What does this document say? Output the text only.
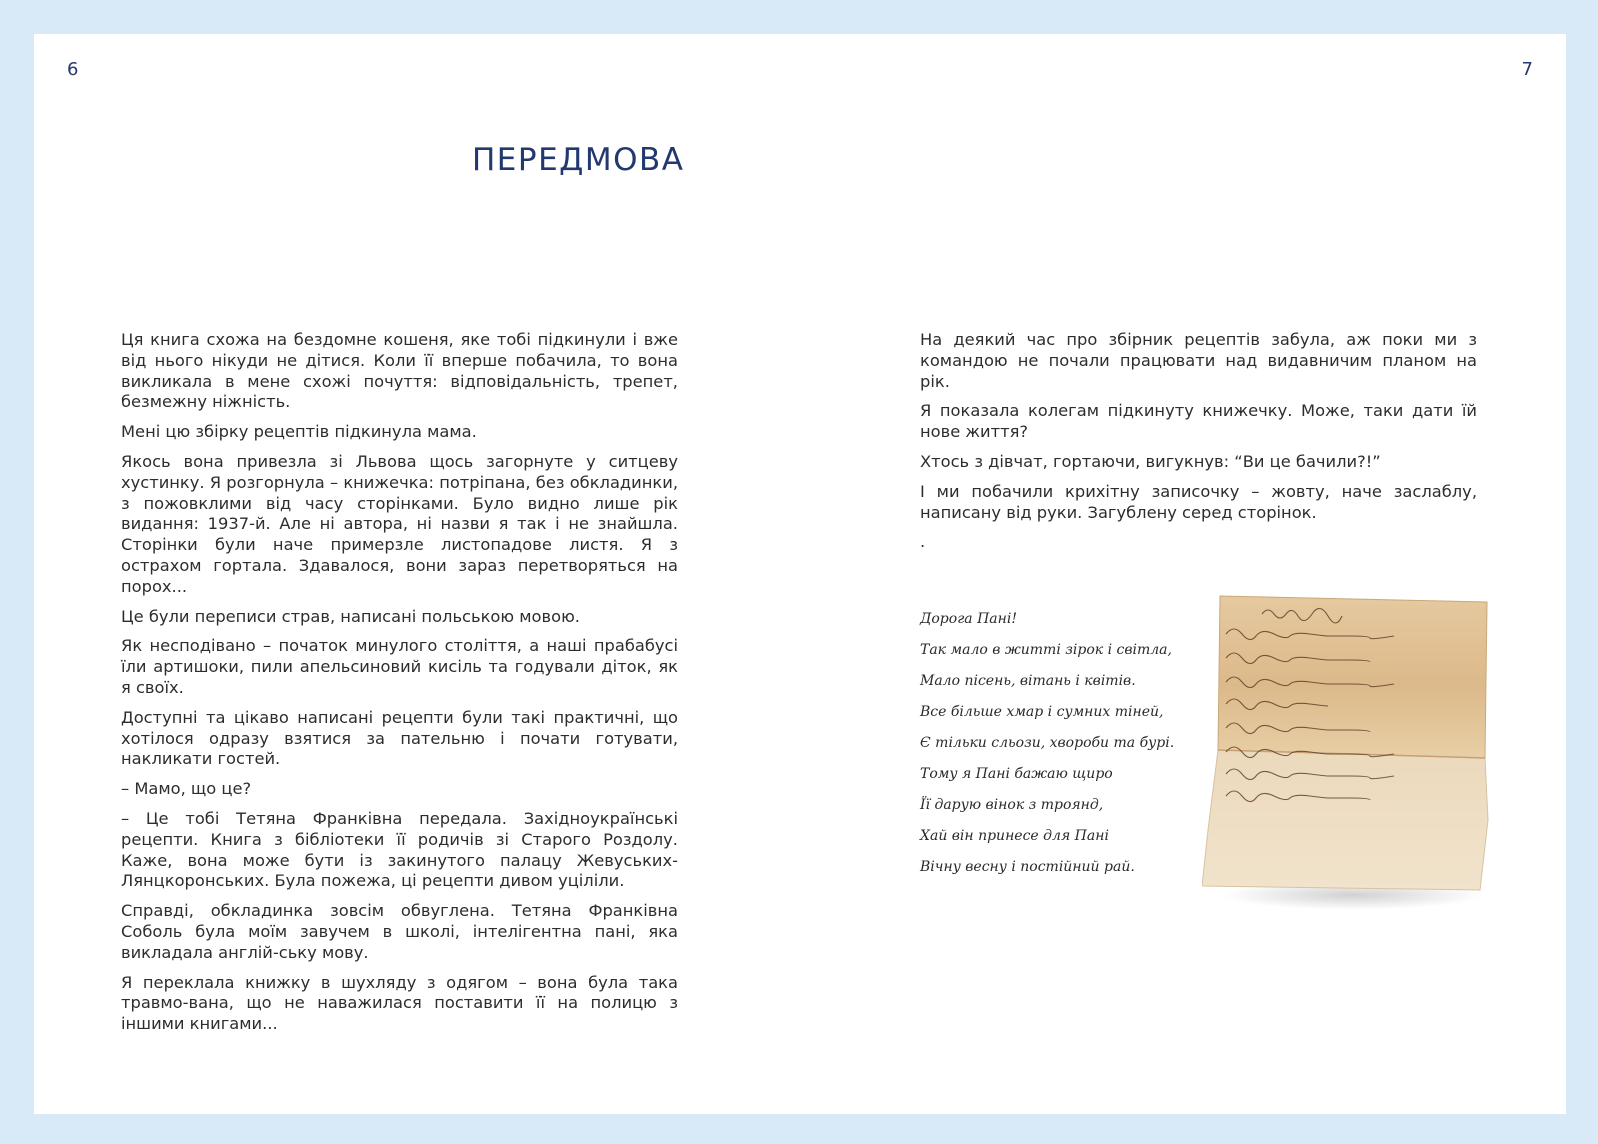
6	7
ПЕРЕДМОВА

Ця книга схожа на бездомне кошеня, яке тобі підкинули і вже від нього нікуди не дітися. Коли її вперше побачила, то вона викликала в мене схожі почуття: відповідальність, трепет, безмежну ніжність.

Мені цю збірку рецептів підкинула мама.

Якось вона привезла зі Львова щось загорнуте у ситцеву хустинку. Я розгорнула – книжечка: потріпана, без обкладинки, з пожовклими від часу сторінками. Було видно лише рік видання: 1937-й. Але ні автора, ні назви я так і не знайшла. Сторінки були наче примерзле листопадове листя. Я з острахом гортала. Здавалося, вони зараз перетворяться на порох...

Це були переписи страв, написані польською мовою.

Як несподівано – початок минулого століття, а наші прабабусі їли артишоки, пили апельсиновий кисіль та годували діток, як я своїх.

Доступні та цікаво написані рецепти були такі практичні, що хотілося одразу взятися за пательню і почати готувати, накликати гостей.

– Мамо, що це?

– Це тобі Тетяна Франківна передала. Західноукраїнські рецепти. Книга з бібліотеки її родичів зі Старого Роздолу. Каже, вона може бути із закинутого палацу Жевуських-Лянцкоронських. Була пожежа, ці рецепти дивом уціліли.

Справді, обкладинка зовсім обвуглена. Тетяна Франківна Соболь була моїм завучем в школі, інтелігентна пані, яка викладала англій-ську мову.

Я переклала книжку в шухляду з одягом – вона була така травмо-вана, що не наважилася поставити її на полицю з іншими книгами...

На деякий час про збірник рецептів забула, аж поки ми з командою не почали працювати над видавничим планом на рік.

Я показала колегам підкинуту книжечку. Може, таки дати їй нове життя?

Хтось з дівчат, гортаючи, вигукнув: “Ви це бачили?!”

І ми побачили крихітну записочку – жовту, наче заслаблу, написану від руки. Загублену серед сторінок.

.

Дорога Пані!
Так мало в житті зірок і світла,
Мало пісень, вітань і квітів.
Все більше хмар і сумних тіней,
Є тільки сльози, хвороби та бурі.
Тому я Пані бажаю щиро
Її дарую вінок з троянд,
Хай він принесе для Пані
Вічну весну і постійний рай.
